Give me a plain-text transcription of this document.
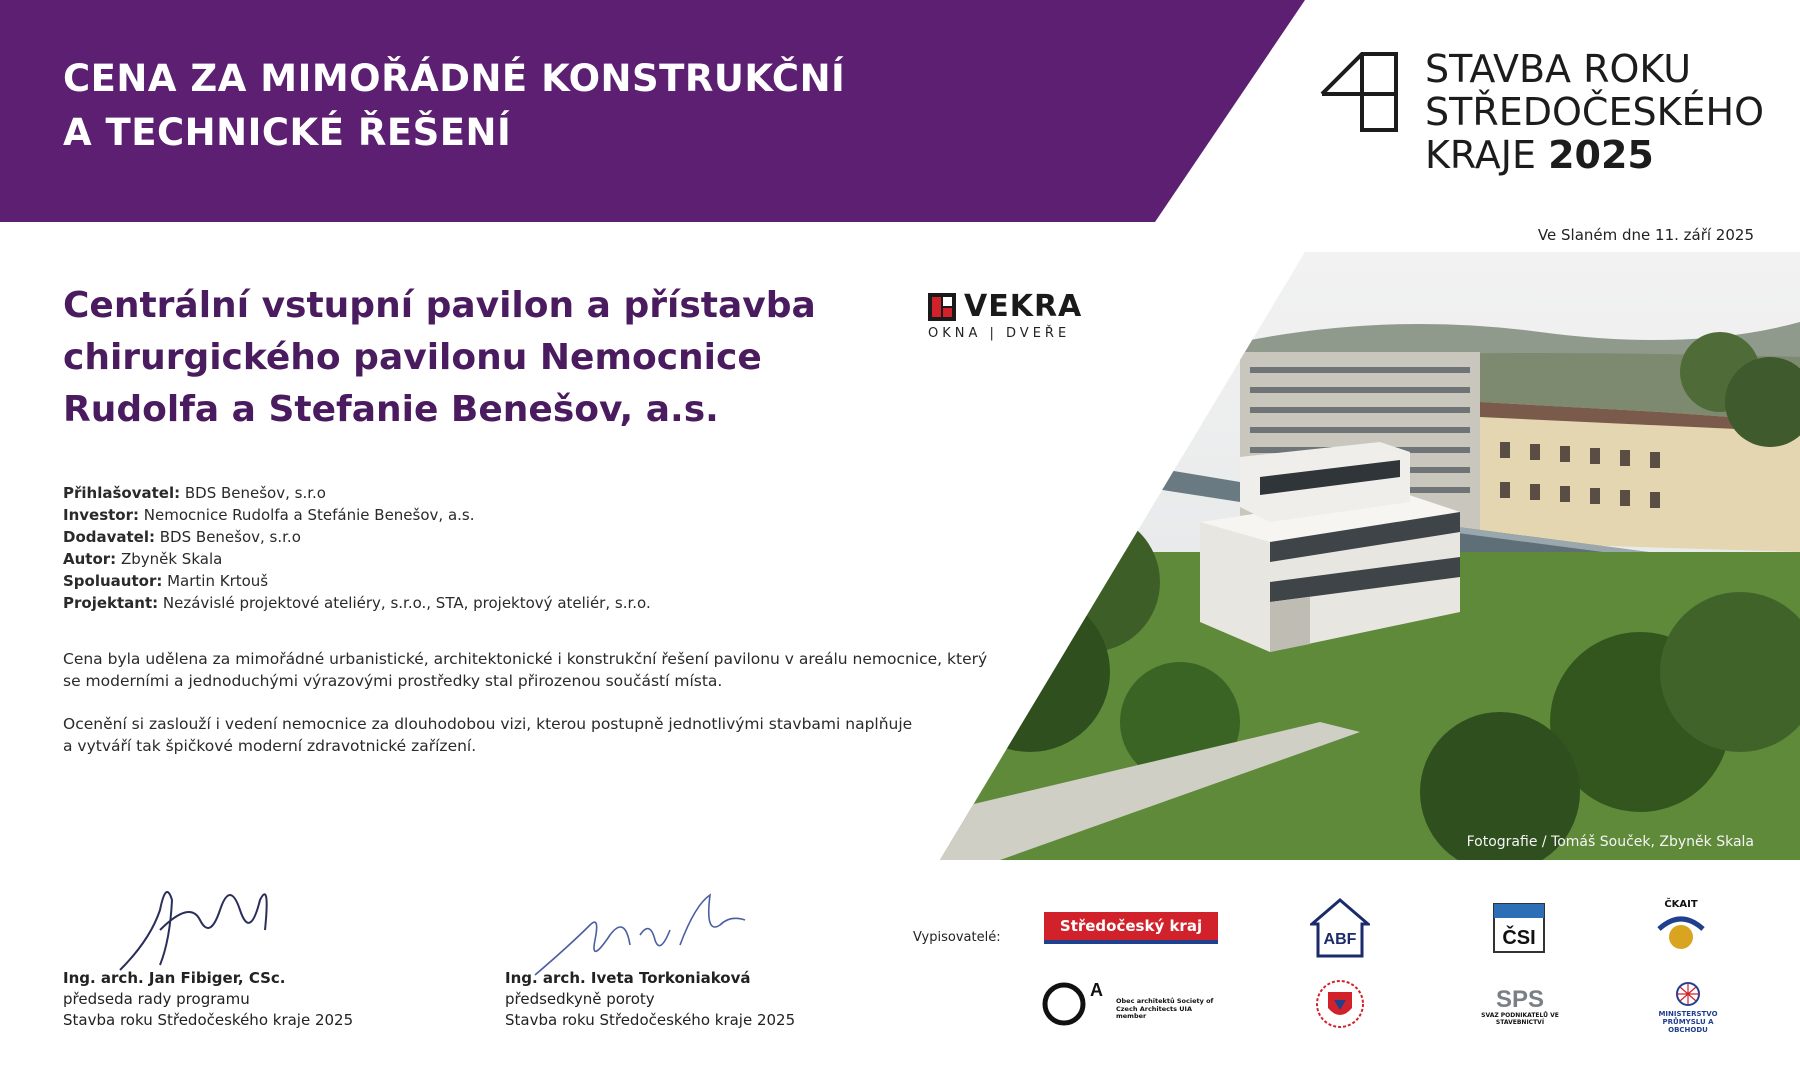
CENA ZA MIMOŘÁDNÉ KONSTRUKČNÍ
A TECHNICKÉ ŘEŠENÍ
STAVBA ROKU
STŘEDOČESKÉHO
KRAJE 2025
Ve Slaném dne 11. září 2025
Centrální vstupní pavilon a přístavba
chirurgického pavilonu Nemocnice
Rudolfa a Stefanie Benešov, a.s.
VEKRA
OKNA | DVEŘE
Přihlašovatel: BDS Benešov, s.r.o
Investor: Nemocnice Rudolfa a Stefánie Benešov, a.s.
Dodavatel: BDS Benešov, s.r.o
Autor: Zbyněk Skala
Spoluautor: Martin Krtouš
Projektant: Nezávislé projektové ateliéry, s.r.o., STA, projektový ateliér, s.r.o.
Cena byla udělena za mimořádné urbanistické, architektonické i konstrukční řešení pavilonu v areálu nemocnice, který
se moderními a jednoduchými výrazovými prostředky stal přirozenou součástí místa.
Ocenění si zaslouží i vedení nemocnice za dlouhodobou vizi, kterou postupně jednotlivými stavbami naplňuje
a vytváří tak špičkové moderní zdravotnické zařízení.
Fotografie / Tomáš Souček, Zbyněk Skala
Ing. arch. Jan Fibiger, CSc.
předseda rady programu
Stavba roku Středočeského kraje 2025
Ing. arch. Iveta Torkoniaková
předsedkyně poroty
Stavba roku Středočeského kraje 2025
Vypisovatelé:
Středočeský kraj
ABF	ČSI
ČKAIT
A
Obec architektů Society of Czech Architects UIA member
SPS
SVAZ PODNIKATELŮ VE STAVEBNICTVÍ
MINISTERSTVO PRŮMYSLU A OBCHODU
